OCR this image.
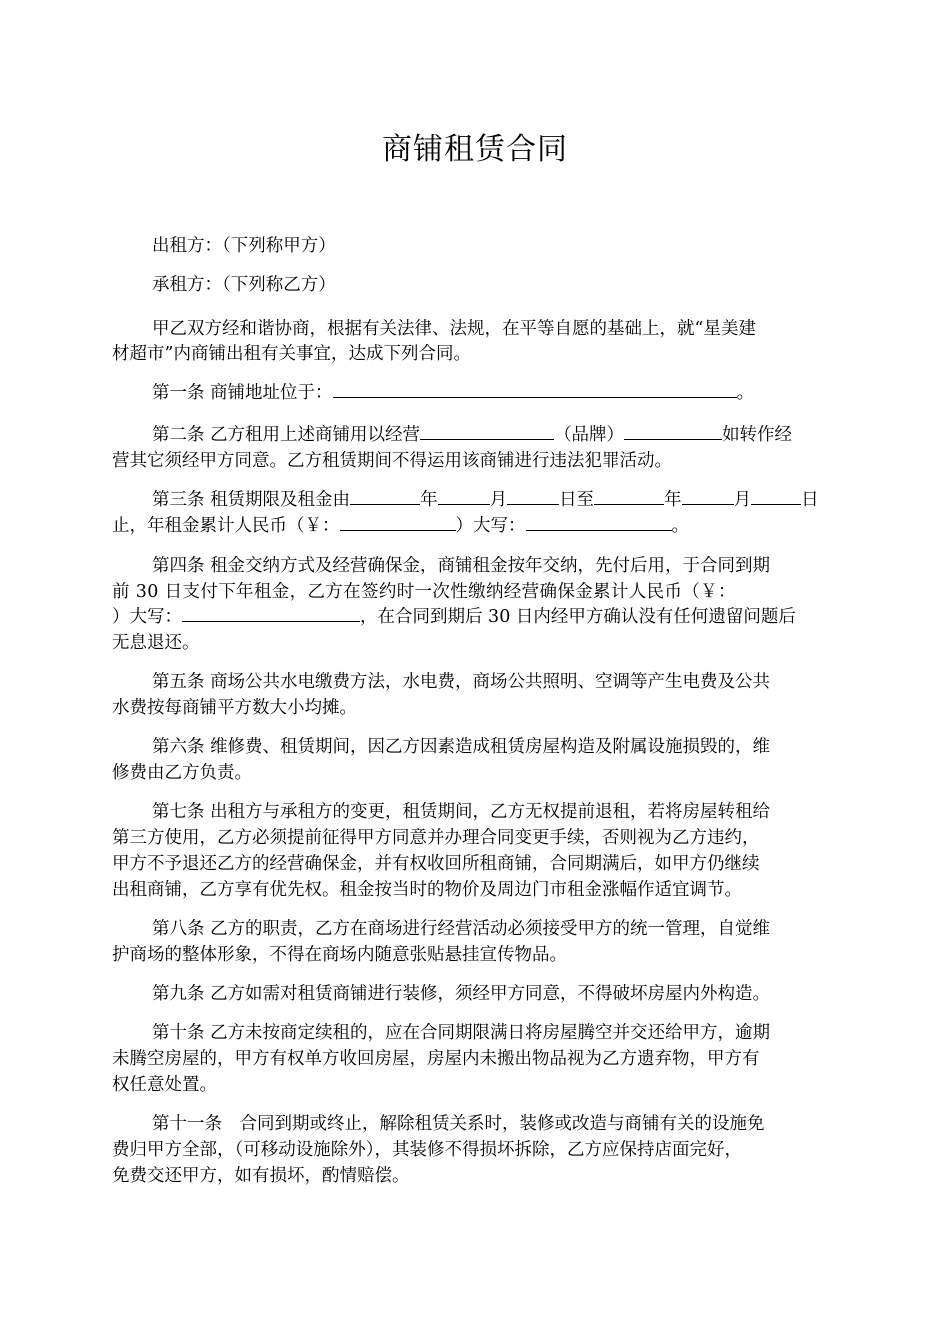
商铺租赁合同
出租方：（下列称甲方）
承租方：（下列称乙方）
甲乙双方经和谐协商，根据有关法律、法规，在平等自愿的基础上，就“星美建
材超市”内商铺出租有关事宜，达成下列合同。
第一条 商铺地址位于：	。
第二条 乙方租用上述商铺用以经营	（品牌）	如转作经
营其它须经甲方同意。乙方租赁期间不得运用该商铺进行违法犯罪活动。
第三条 租赁期限及租金由	年	月	日至	年	月	日
止，年租金累计人民币（￥：	）大写：	。
第四条 租金交纳方式及经营确保金，商铺租金按年交纳，先付后用，于合同到期
前 30 日支付下年租金，乙方在签约时一次性缴纳经营确保金累计人民币（￥：
）大写：	，在合同到期后 30 日内经甲方确认没有任何遗留问题后
无息退还。
第五条 商场公共水电缴费方法，水电费，商场公共照明、空调等产生电费及公共
水费按每商铺平方数大小均摊。
第六条 维修费、租赁期间，因乙方因素造成租赁房屋构造及附属设施损毁的，维
修费由乙方负责。
第七条 出租方与承租方的变更，租赁期间，乙方无权提前退租，若将房屋转租给
第三方使用，乙方必须提前征得甲方同意并办理合同变更手续，否则视为乙方违约，
甲方不予退还乙方的经营确保金，并有权收回所租商铺，合同期满后，如甲方仍继续
出租商铺，乙方享有优先权。租金按当时的物价及周边门市租金涨幅作适宜调节。
第八条 乙方的职责，乙方在商场进行经营活动必须接受甲方的统一管理，自觉维
护商场的整体形象，不得在商场内随意张贴悬挂宣传物品。
第九条 乙方如需对租赁商铺进行装修，须经甲方同意，不得破坏房屋内外构造。
第十条 乙方未按商定续租的，应在合同期限满日将房屋腾空并交还给甲方，逾期
未腾空房屋的，甲方有权单方收回房屋，房屋内未搬出物品视为乙方遗弃物，甲方有
权任意处置。
第十一条　合同到期或终止，解除租赁关系时，装修或改造与商铺有关的设施免
费归甲方全部，（可移动设施除外），其装修不得损坏拆除，乙方应保持店面完好，
免费交还甲方，如有损坏，酌情赔偿。
